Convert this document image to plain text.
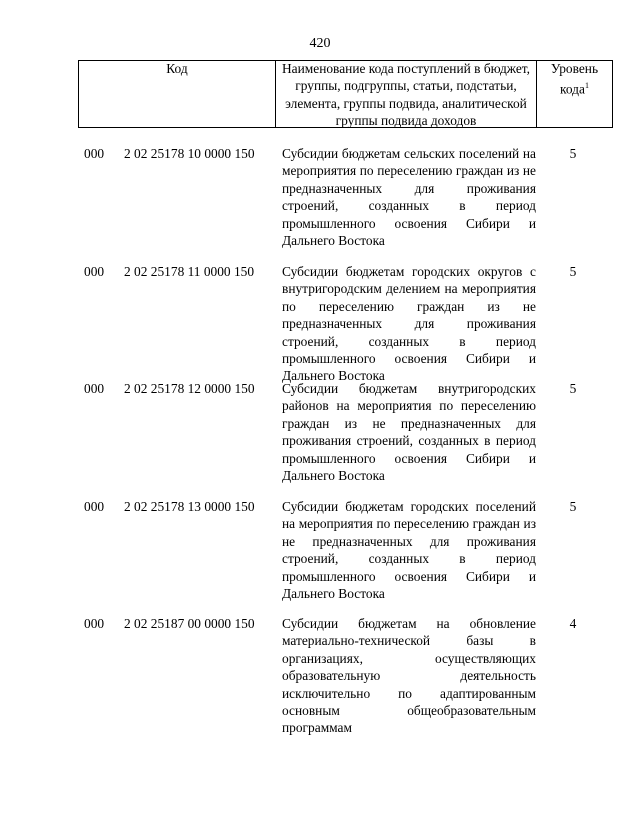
420
Код	Наименование кода поступлений в бюджет, группы, подгруппы, статьи, подстатьи, элемента, группы подвида, аналитической группы подвида доходов
Уровень кода$^1$
000 2 02 25178 10 0000 150 Субсидии бюджетам сельских поселений на мероприятия по переселению граждан из не предназначенных для проживания строений, созданных в период промышленного освоения Сибири и Дальнего Востока
5
000 2 02 25178 11 0000 150 Субсидии бюджетам городских округов с внутригородским делением на мероприятия по переселению граждан из не предназначенных для проживания строений, созданных в период промышленного освоения Сибири и Дальнего Востока
5
000 2 02 25178 12 0000 150 Субсидии бюджетам внутригородских районов на мероприятия по переселению граждан из не предназначенных для проживания строений, созданных в период промышленного освоения Сибири и Дальнего Востока
5
000 2 02 25178 13 0000 150 Субсидии бюджетам городских поселений на мероприятия по переселению граждан из не предназначенных для проживания строений, созданных в период промышленного освоения Сибири и Дальнего Востока
5
000 2 02 25187 00 0000 150 Субсидии бюджетам на обновление материально-технической базы в организациях, осуществляющих образовательную деятельность исключительно по адаптированным основным общеобразовательным программам
4
